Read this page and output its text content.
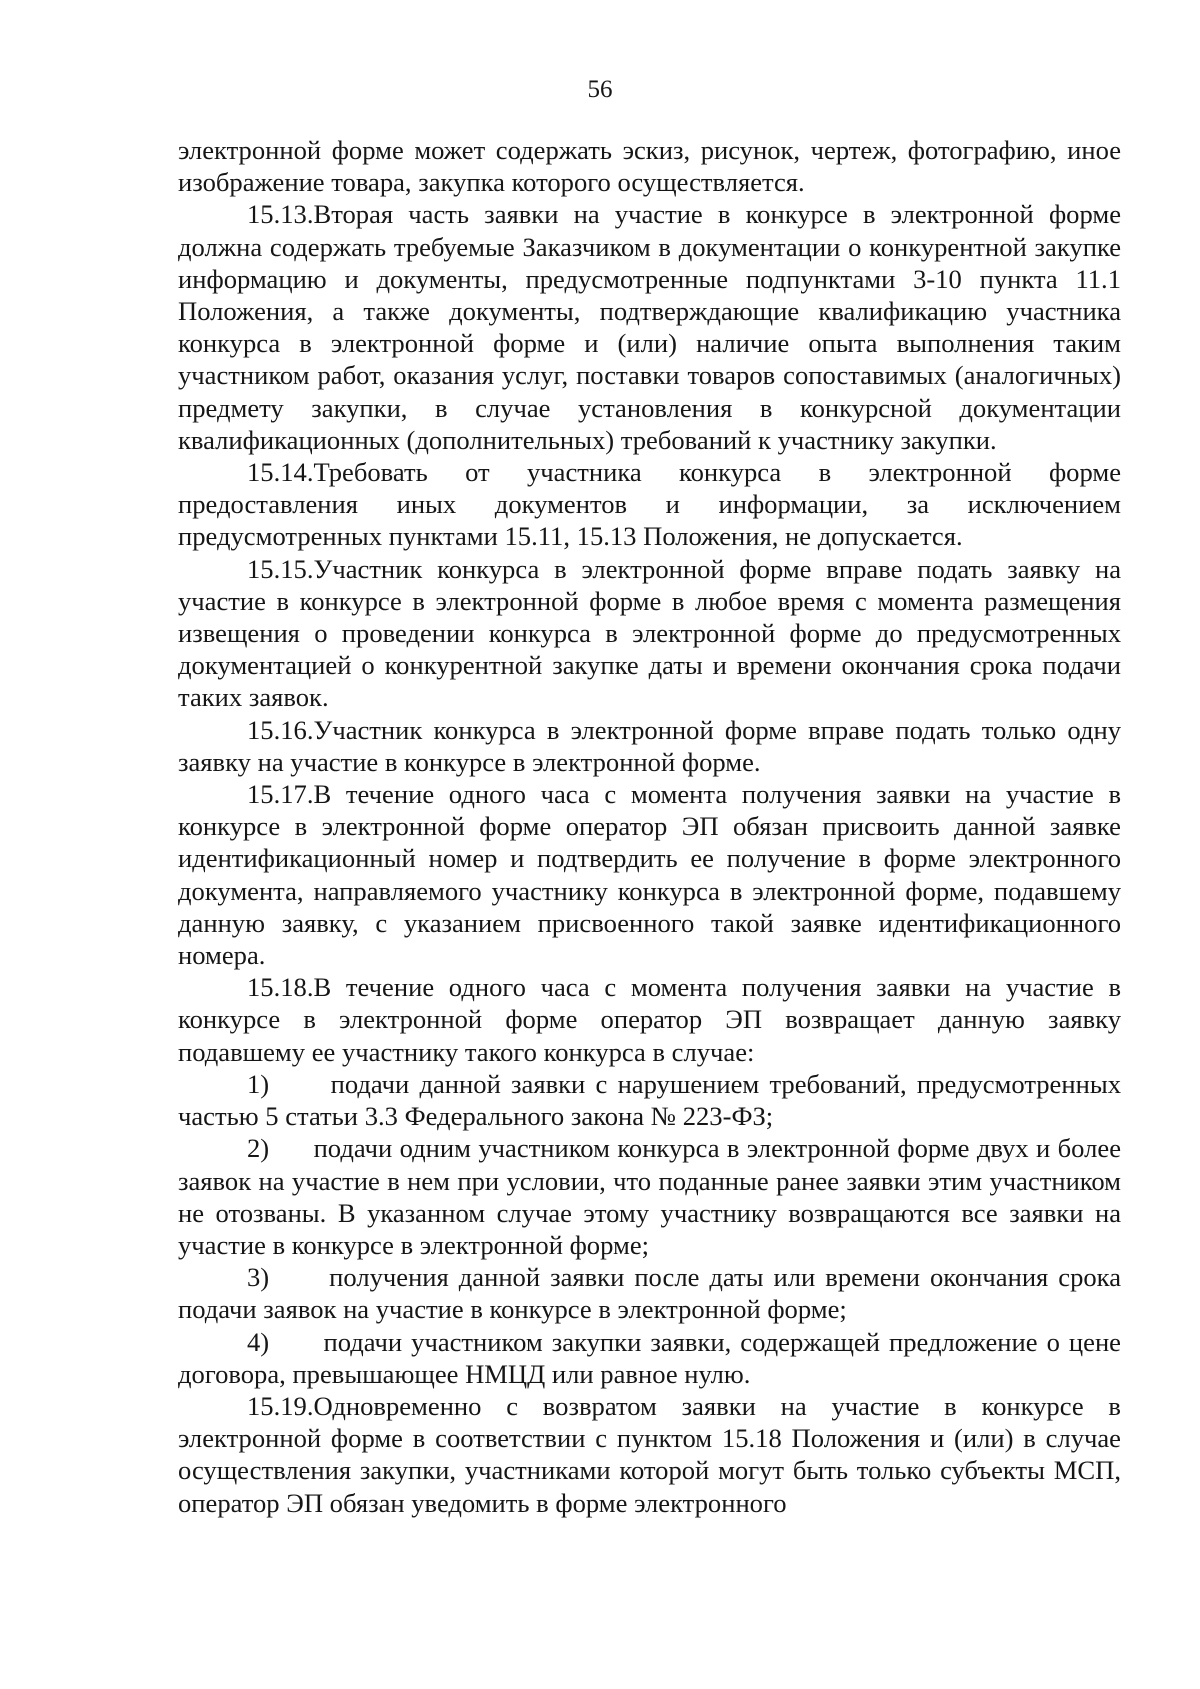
56

электронной форме может содержать эскиз, рисунок, чертеж, фотографию, иное изображение товара, закупка которого осуществляется.

15.13.Вторая часть заявки на участие в конкурсе в электронной форме должна содержать требуемые Заказчиком в документации о конкурентной закупке информацию и документы, предусмотренные подпунктами 3-10 пункта 11.1 Положения, а также документы, подтверждающие квалификацию участника конкурса в электронной форме и (или) наличие опыта выполнения таким участником работ, оказания услуг, поставки товаров сопоставимых (аналогичных) предмету закупки, в случае установления в конкурсной документации квалификационных (дополнительных) требований к участнику закупки.

15.14.Требовать от участника конкурса в электронной форме предоставления иных документов и информации, за исключением предусмотренных пунктами 15.11, 15.13 Положения, не допускается.

15.15.Участник конкурса в электронной форме вправе подать заявку на участие в конкурсе в электронной форме в любое время с момента размещения извещения о проведении конкурса в электронной форме до предусмотренных документацией о конкурентной закупке даты и времени окончания срока подачи таких заявок.

15.16.Участник конкурса в электронной форме вправе подать только одну заявку на участие в конкурсе в электронной форме.

15.17.В течение одного часа с момента получения заявки на участие в конкурсе в электронной форме оператор ЭП обязан присвоить данной заявке идентификационный номер и подтвердить ее получение в форме электронного документа, направляемого участнику конкурса в электронной форме, подавшему данную заявку, с указанием присвоенного такой заявке идентификационного номера.

15.18.В течение одного часа с момента получения заявки на участие в конкурсе в электронной форме оператор ЭП возвращает данную заявку подавшему ее участнику такого конкурса в случае:

1)      подачи данной заявки с нарушением требований, предусмотренных частью 5 статьи 3.3 Федерального закона № 223-ФЗ;

2)      подачи одним участником конкурса в электронной форме двух и более заявок на участие в нем при условии, что поданные ранее заявки этим участником не отозваны. В указанном случае этому участнику возвращаются все заявки на участие в конкурсе в электронной форме;

3)      получения данной заявки после даты или времени окончания срока подачи заявок на участие в конкурсе в электронной форме;

4)      подачи участником закупки заявки, содержащей предложение о цене договора, превышающее НМЦД или равное нулю.

15.19.Одновременно с возвратом заявки на участие в конкурсе в электронной форме в соответствии с пунктом 15.18 Положения и (или) в случае осуществления закупки, участниками которой могут быть только субъекты МСП, оператор ЭП обязан уведомить в форме электронного
